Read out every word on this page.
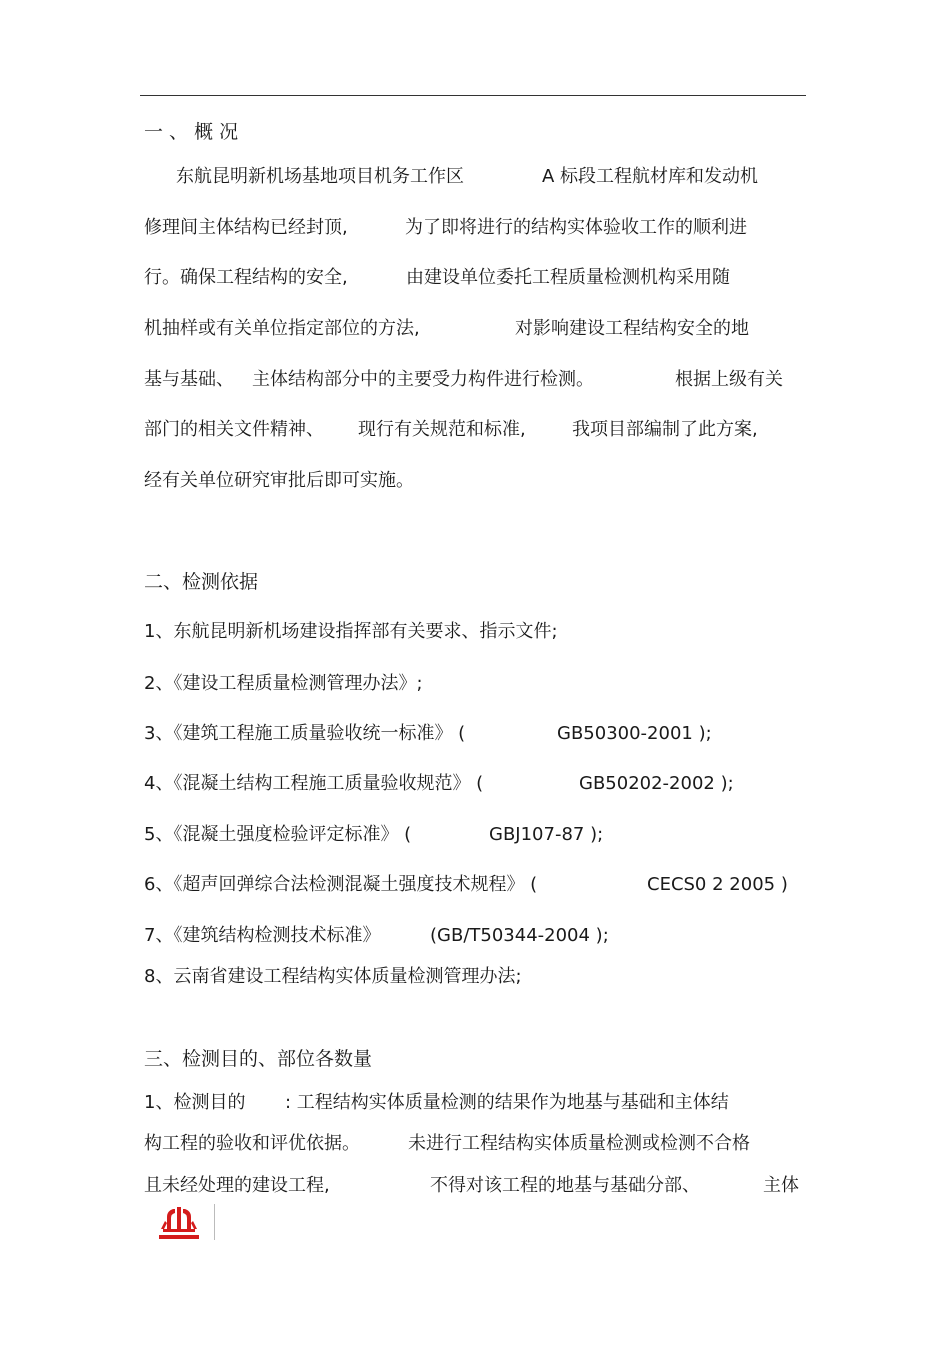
一 、 概 况
东航昆明新机场基地项目机务工作区	A 标段工程航材库和发动机
修理间主体结构已经封顶,	为了即将进行的结构实体验收工作的顺利进
行。确保工程结构的安全,	由建设单位委托工程质量检测机构采用随
机抽样或有关单位指定部位的方法,	对影响建设工程结构安全的地
基与基础、 主体结构部分中的主要受力构件进行检测。	根据上级有关
部门的相关文件精神、 现行有关规范和标准,	我项目部编制了此方案,
经有关单位研究审批后即可实施。
二、检测依据
1、东航昆明新机场建设指挥部有关要求、指示文件;
2、《建设工程质量检测管理办法》;
3、《建筑工程施工质量验收统一标准》 (	GB50300-2001 );
4、《混凝土结构工程施工质量验收规范》 (	GB50202-2002 );
5、《混凝土强度检验评定标准》 (	GBJ107-87 );
6、《超声回弹综合法检测混凝土强度技术规程》 (	CECS0 2 2005 )
7、《建筑结构检测技术标准》	(GB/T50344-2004 );
8、云南省建设工程结构实体质量检测管理办法;
三、检测目的、部位各数量
1、检测目的 : 工程结构实体质量检测的结果作为地基与基础和主体结
构工程的验收和评优依据。	未进行工程结构实体质量检测或检测不合格
且未经处理的建设工程,	不得对该工程的地基与基础分部、	主体
